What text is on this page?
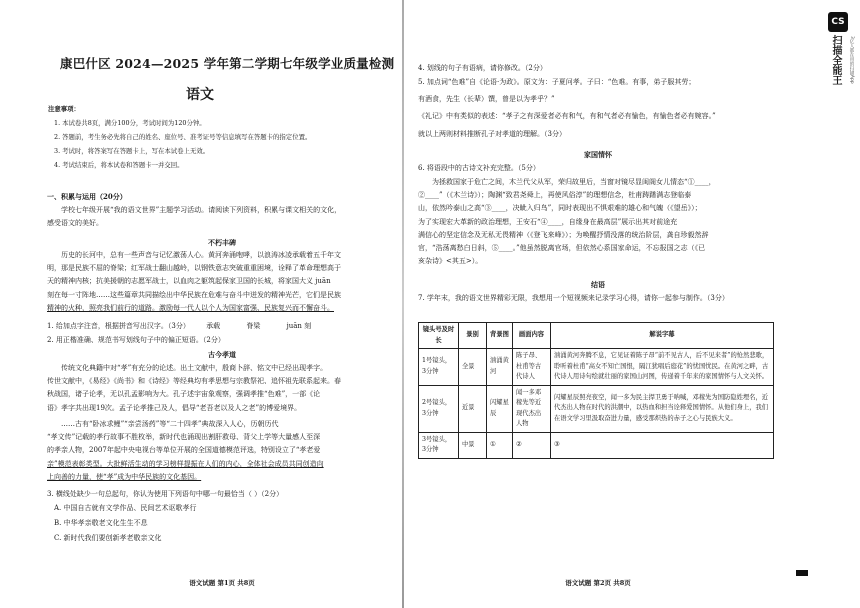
康巴什区 2024—2025 学年第二学期七年级学业质量检测
语文
注意事项：
1. 本试卷共8页，满分100分，考试时间为120分钟。
2. 答题前，考生务必先将自己的姓名、座位号、准考证号等信息填写在答题卡的指定位置。
3. 考试时，将答案写在答题卡上，写在本试卷上无效。
4. 考试结束后，将本试卷和答题卡一并交回。
一、积累与运用（20分）
学校七年级开展“我的语文世界”主题学习活动。请阅读下列资料，积累与课文相关的文化，
感受语文的美好。
不朽丰碑
历史的长河中，总有一些声音与记忆激荡人心。黄河奔涌咆哮，以浪涛冰凌承载着五千年文
明，那是民族不屈的脊梁；红军战士翻山越岭，以钢铁意志突破重重困境，诠释了革命理想高于
天的精神内核；抗美援朝的志愿军战士，以血肉之躯筑起保家卫国的长城，将家国大义 juān
刻在每一寸阵地……这些篇章共同描绘出中华民族在危难与奋斗中迸发的精神光芒，它们是民族
精神的火种，照亮我们前行的道路。激励每一代人以个人为国家富强、民族复兴而不懈奋斗。
1. 给加点字注音，根据拼音写出汉字。（3分） 承载	脊梁	juān 刻
2. 用正楷准确、规范书写划线句子中的偏正短语。（2分）
古今孝道
传统文化典籍中对“孝”有充分的论述。出土文献中，殷商卜辞、铭文中已经出现孝字。
传世文献中，《易经》《尚书》和《诗经》等经典均有孝思想与宗教祭祀、追怀祖先联系起来。春
秋战国，诸子论孝，无以孔孟影响为大。孔子述宇宙象观察，强调孝推“色难”，一部《论
语》孝字共出现19次。孟子论孝推己及人，倡导“老吾老以及人之老”的博爱境界。
……古有“卧冰求鲤”“亲尝汤药”等“二十四孝”典故深入人心，历朝历代
“孝文传”记载的孝行故事不胜枚举，新时代也涌现出割肝救母、背父上学等大量感人至深
的孝亲人物，2007年起中央电视台等单位开展的全国道德模范评选，特别设立了“孝老爱
亲”模范表彰类型。大批鲜活生动的学习榜样提振在人们的内心，全体社会成员共同创造向
上向善的力量，使“孝”成为中华民族的文化基因。
3. 横线处缺少一句总起句，你认为使用下列语句中哪一句最恰当（ ）（2分）
A. 中国自古就有文学作品、民间艺术讴歌孝行
B. 中华孝亲敬老文化生生不息
C. 新时代我们要创新孝老敬亲文化
语文试题 第1页 共8页
4. 划线的句子有语病，请你修改。（2分）
5. 加点词“色难”自《论语·为政》。原文为：子夏问孝。子曰：“色难。有事，弟子服其劳；
有酒食，先生（长辈）馔，曾是以为孝乎？”
《礼记》中有类似的表述：“孝子之有深爱者必有和气，有和气者必有愉色，有愉色者必有婉容。”
就以上两则材料推断孔子对孝道的理解。（3分）
家国情怀
6. 将语段中的古诗文补充完整。（5分）
为拯救国家于危亡之间，木兰代父从军，荣归故里后，当窗对镜尽显闺阁女儿情态“①____，
②____”（《木兰诗》）；陶渊“致君尧舜上，再使风俗淳”的理想信念，杜甫踌躇满志登临泰
山，依然吟泰山之高“③____，决眦入归鸟”，同时表现出不惧艰难的雄心和气魄（《望岳》）；
为了实现宏大革新的政治理想，王安石“④____，自缘身在最高层”展示出其对前途充
满信心的坚定信念及无私无畏精神（《登飞来峰》）；为唤醒抒情没落的统治阶层，龚自珍毅然辞
官，“浩荡离愁白日斜，⑤____。”他虽然脱离官场，但依然心系国家命运，不忘报国之志（《已
亥杂诗》<其五>）。
结语
7. 学年末，我的语文世界精彩无限，我想用一个短视频来记录学习心得，请你一起参与制作。（3分）
镜头号及时长	景别	背景图	画面内容	解说字幕
1号镜头，3分钟	全景	汹涌黄河	陈子昂、杜甫等古代诗人	汹涌黄河奔腾不息，它见证着陈子昂“前不见古人，后不见来者”的怆然悲歌，聆听着杜甫“高女不知亡国恨，隔江犹唱后庭花”的忧国忧民。在黄河之畔，古代诗人用诗句绘就壮丽的家国山河图，传递着千年来的家国情怀与人文关怀。
2号镜头，3分钟	近景	闪耀星辰	闻一多邓稼先等近现代杰出人物	闪耀星辰照亮夜空，闻一多为民主捍卫勇于呐喊，邓稼先为国防隐姓埋名，近代杰出人物在时代的洪潮中，以热血和担当诠释爱国情怀。从他们身上，我们在语文学习里汲取奋进力量，感受那炽热的赤子之心与民族大义。
3号镜头，3分钟	中景	①	②	③
语文试题 第2页 共8页
CS
扫描全能王	3亿人都在用的扫描App
